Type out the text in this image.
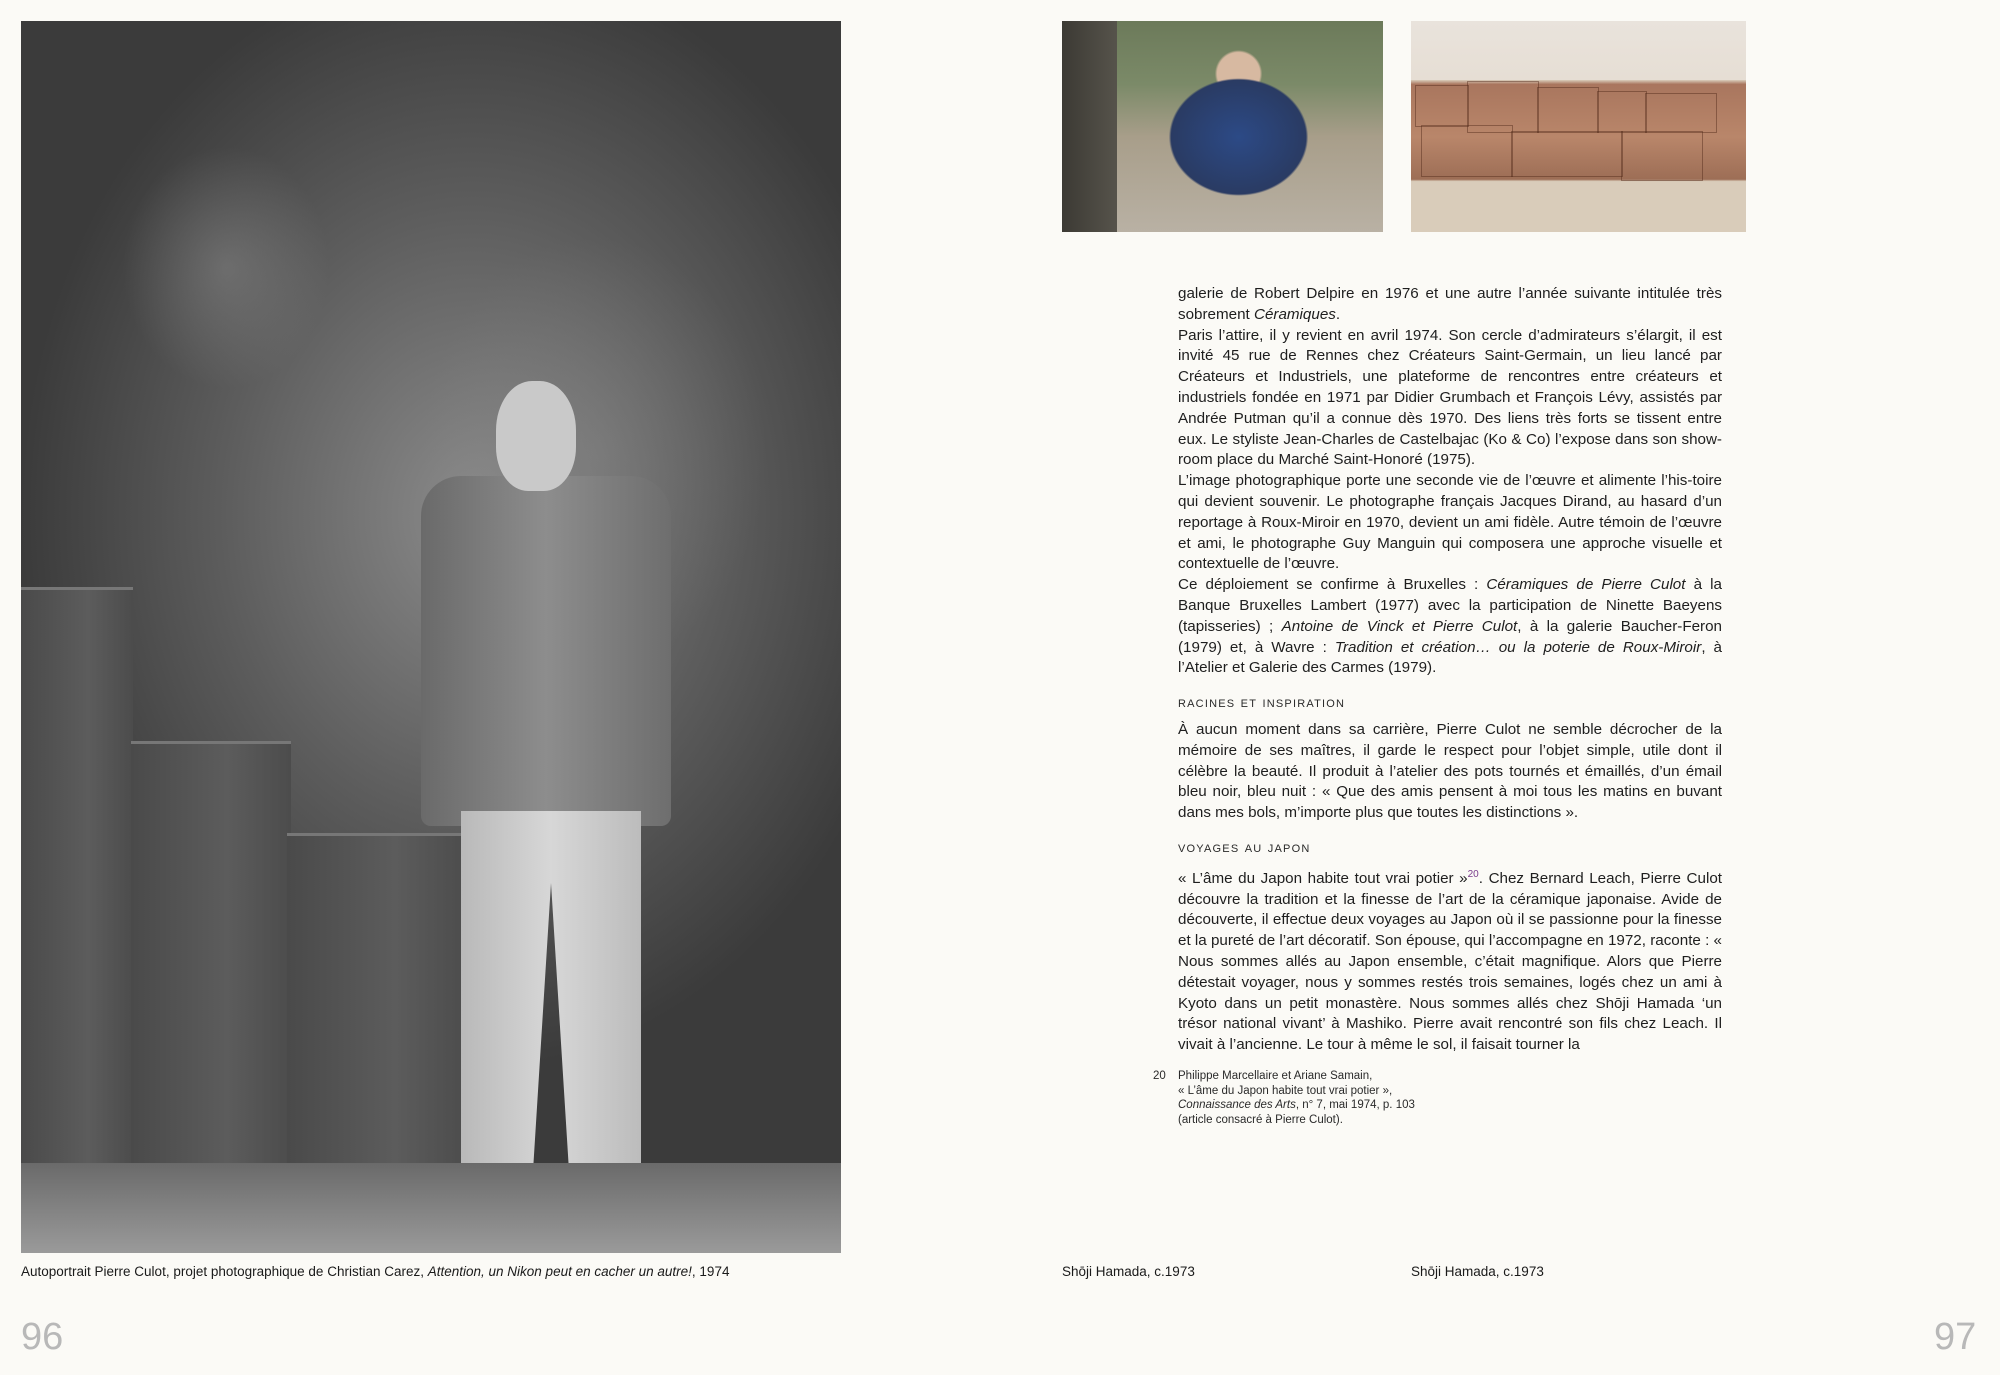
Autoportrait Pierre Culot, projet photographique de Christian Carez, Attention, un Nikon peut en cacher un autre!, 1974
96
Shōji Hamada, c.1973	Shōji Hamada, c.1973

galerie de Robert Delpire en 1976 et une autre l’année suivante intitulée très sobrement Céramiques.

Paris l’attire, il y revient en avril 1974. Son cercle d’admirateurs s’élargit, il est invité 45 rue de Rennes chez Créateurs Saint-Germain, un lieu lancé par Créateurs et Industriels, une plateforme de rencontres entre créateurs et industriels fondée en 1971 par Didier Grumbach et François Lévy, assistés par Andrée Putman qu’il a connue dès 1970. Des liens très forts se tissent entre eux. Le styliste Jean-Charles de Castelbajac (Ko & Co) l’expose dans son show-room place du Marché Saint-Honoré (1975).

L’image photographique porte une seconde vie de l’œuvre et alimente l’his-toire qui devient souvenir. Le photographe français Jacques Dirand, au hasard d’un reportage à Roux-Miroir en 1970, devient un ami fidèle. Autre témoin de l’œuvre et ami, le photographe Guy Manguin qui composera une approche visuelle et contextuelle de l’œuvre.

Ce déploiement se confirme à Bruxelles : Céramiques de Pierre Culot à la Banque Bruxelles Lambert (1977) avec la participation de Ninette Baeyens (tapisseries) ; Antoine de Vinck et Pierre Culot, à la galerie Baucher-Feron (1979) et, à Wavre : Tradition et création… ou la poterie de Roux-Miroir, à l’Atelier et Galerie des Carmes (1979).

racines et inspiration

À aucun moment dans sa carrière, Pierre Culot ne semble décrocher de la mémoire de ses maîtres, il garde le respect pour l’objet simple, utile dont il célèbre la beauté. Il produit à l’atelier des pots tournés et émaillés, d’un émail bleu noir, bleu nuit : « Que des amis pensent à moi tous les matins en buvant dans mes bols, m’importe plus que toutes les distinctions ».

voyages au japon

« L’âme du Japon habite tout vrai potier »$^{20}$. Chez Bernard Leach, Pierre Culot découvre la tradition et la finesse de l’art de la céramique japonaise. Avide de découverte, il effectue deux voyages au Japon où il se passionne pour la finesse et la pureté de l’art décoratif. Son épouse, qui l’accompagne en 1972, raconte : « Nous sommes allés au Japon ensemble, c’était magnifique. Alors que Pierre détestait voyager, nous y sommes restés trois semaines, logés chez un ami à Kyoto dans un petit monastère. Nous sommes allés chez Shōji Hamada ‘un trésor national vivant’ à Mashiko. Pierre avait rencontré son fils chez Leach. Il vivait à l’ancienne. Le tour à même le sol, il faisait tourner la

20 Philippe Marcellaire et Ariane Samain,
« L’âme du Japon habite tout vrai potier »,
Connaissance des Arts, n° 7, mai 1974, p. 103
(article consacré à Pierre Culot).
97
